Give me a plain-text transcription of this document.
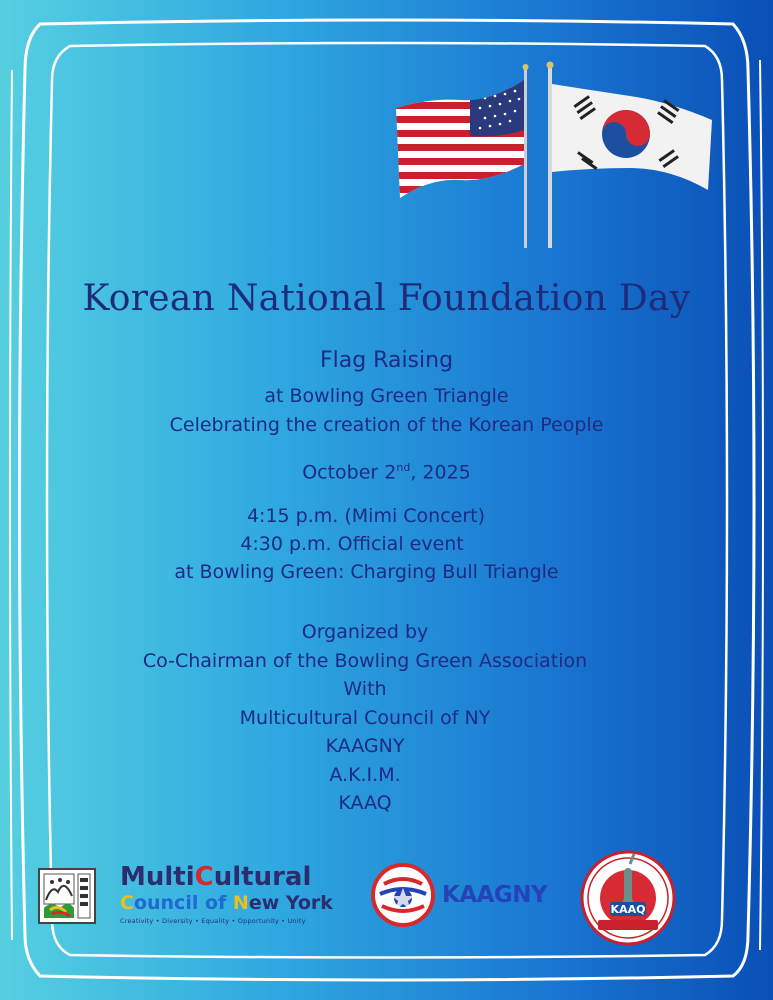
Korean National Foundation Day
Flag Raising
at Bowling Green Triangle
Celebrating the creation of the Korean People
October 2nd, 2025
4:15 p.m. (Mimi Concert)
4:30 p.m. Official event
at Bowling Green: Charging Bull Triangle
Organized by
Co-Chairman of the Bowling Green Association
With
Multicultural Council of NY
KAAGNY
A.K.I.M.
KAAQ
MultiCultural
Council of New York
Creativity • Diversity • Equality • Opportunity • Unity
KAAGNY
KAAQ
